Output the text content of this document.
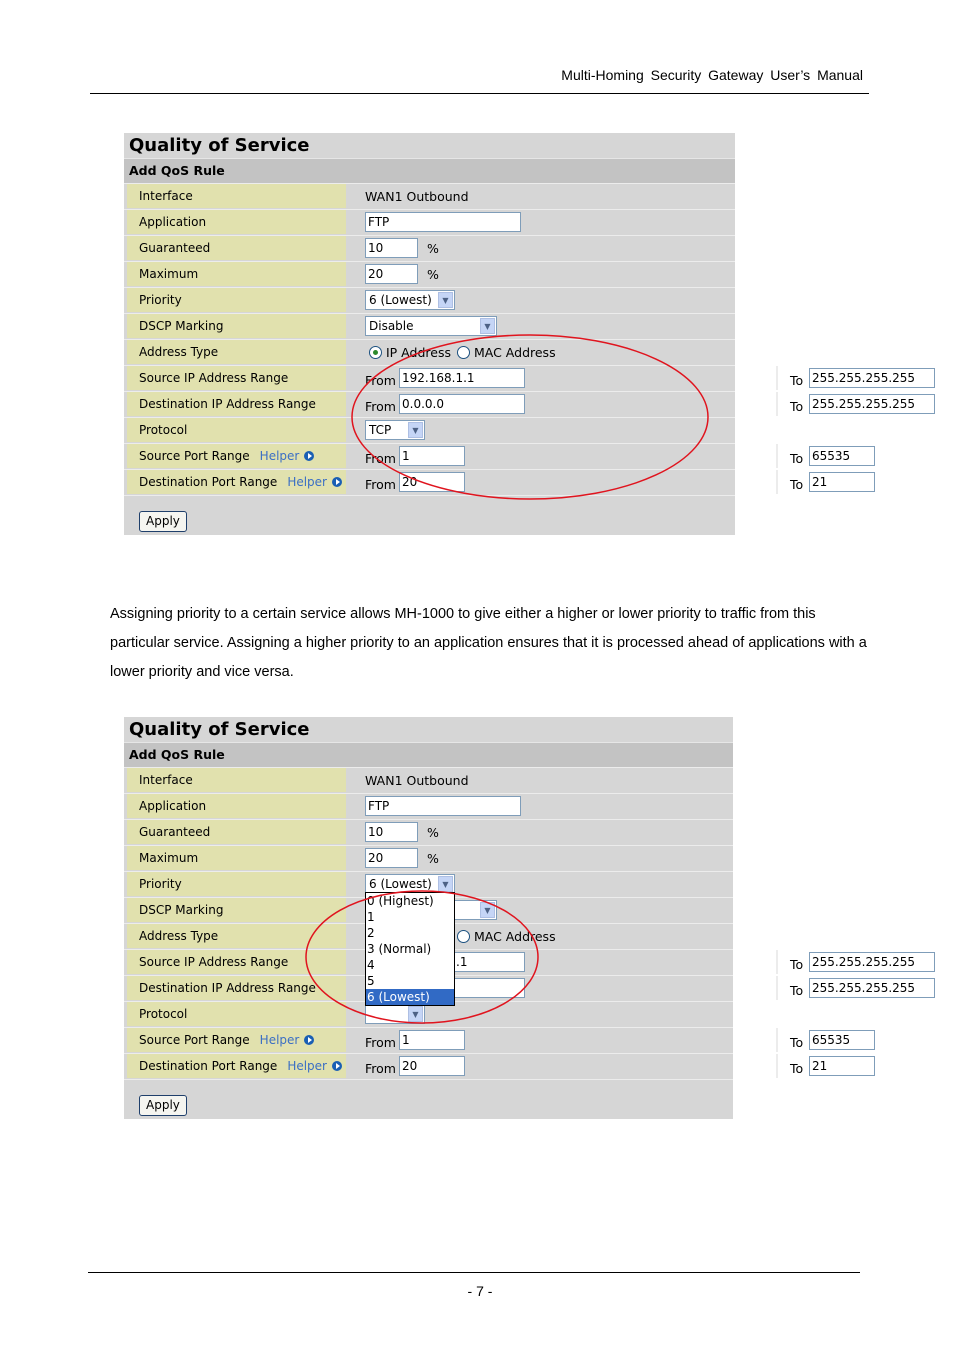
Multi-Homing Security Gateway User’s Manual
Quality of Service
Add QoS Rule
Interface	WAN1 Outbound
Application	FTP
Guaranteed	10	%
Maximum	20	%
Priority	6 (Lowest)	▼
DSCP Marking	Disable	▼
Address Type	IP Address	MAC Address
Source IP Address Range	From 192.168.1.1	To 255.255.255.255
Destination IP Address Range	From 0.0.0.0	To 255.255.255.255
Protocol	TCP	▼
Source Port Range Helper	From 1	To 65535
Destination Port Range Helper	From 20	To 21
Apply
Assigning priority to a certain service allows MH-1000 to give either a higher or lower priority to traffic from this particular service. Assigning a higher priority to an application ensures that it is processed ahead of applications with a lower priority and vice versa.
Quality of Service
Add QoS Rule
Interface	WAN1 Outbound
Application	FTP
Guaranteed	10	%
Maximum	20	%
Priority	6 (Lowest)	▼
DSCP Marking	▼
Address Type	MAC Address
Source IP Address Range	.1	To 255.255.255.255
Destination IP Address Range	To 255.255.255.255
Protocol	▼
Source Port Range Helper	From 1	To 65535
Destination Port Range Helper	From 20	To 21
Apply
0 (Highest)
1
2
3 (Normal)
4
5
6 (Lowest)
- 7 -
